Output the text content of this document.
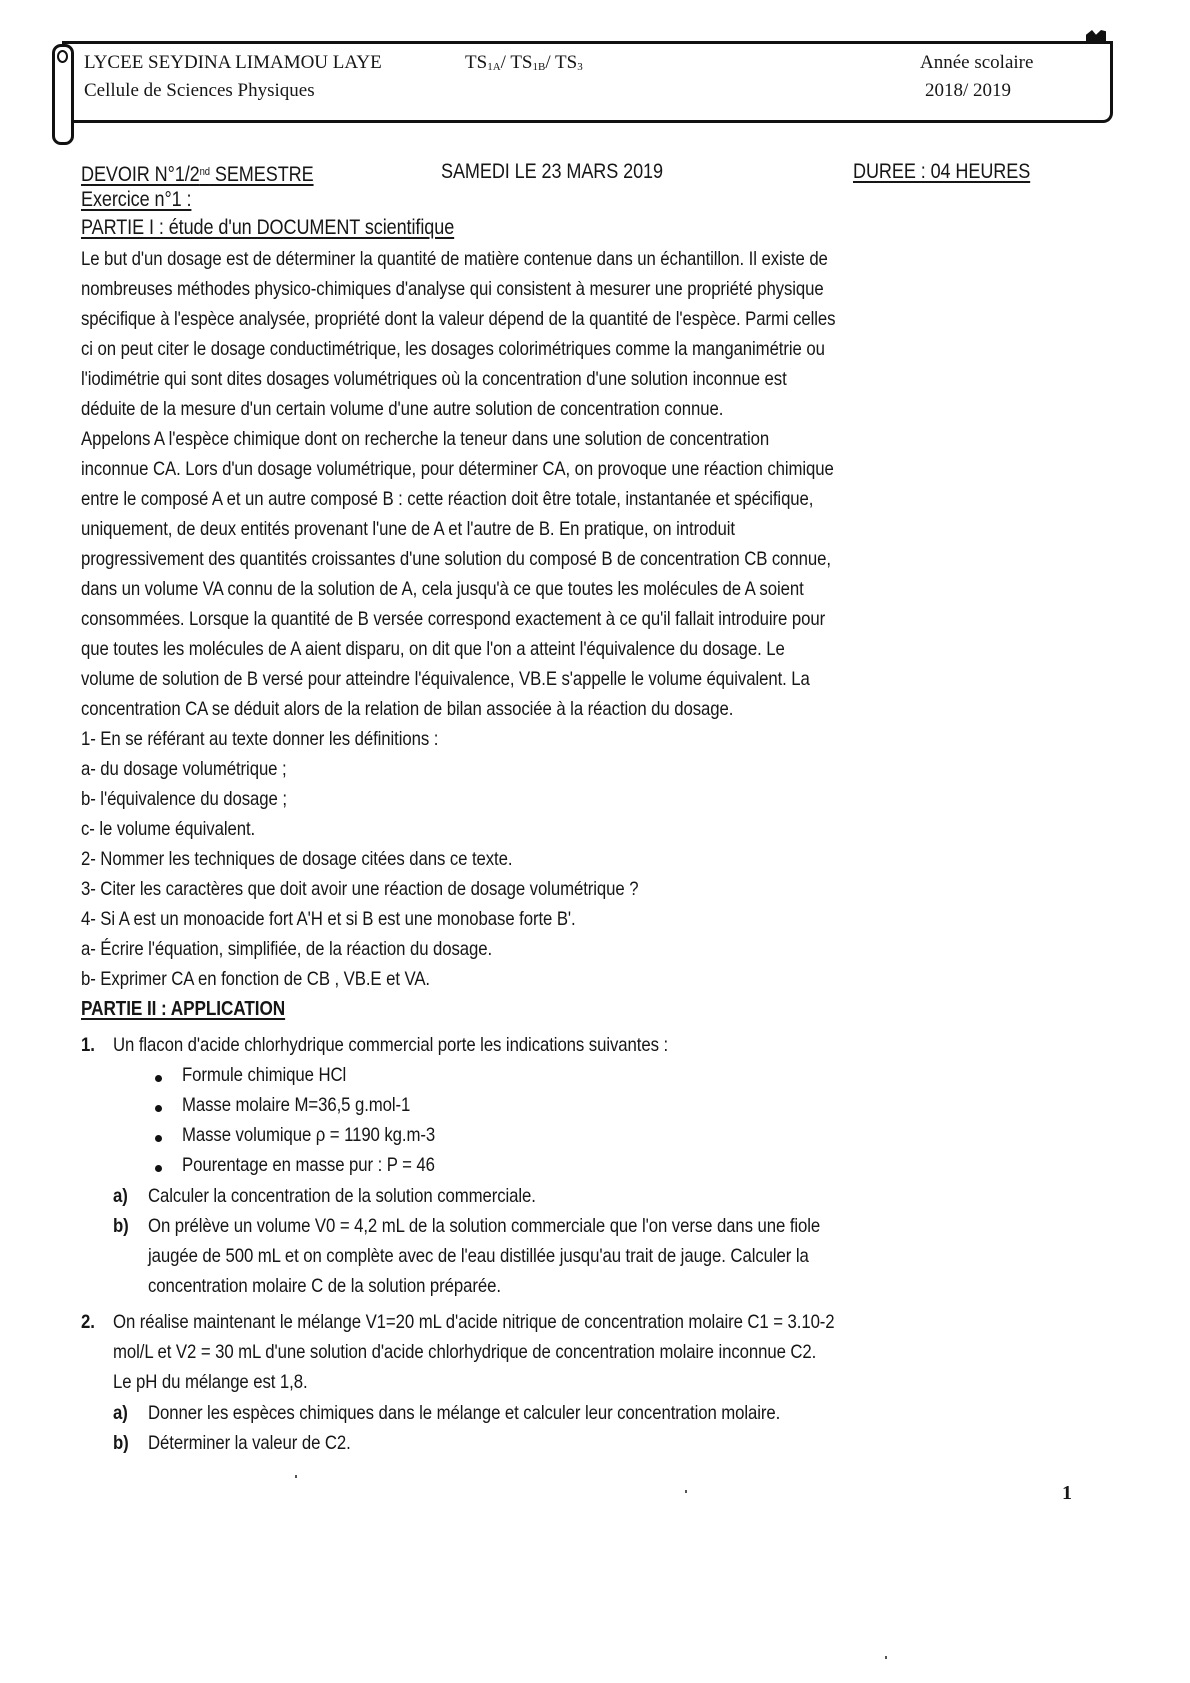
LYCEE SEYDINA LIMAMOU LAYE
Cellule de Sciences Physiques
$TS_{1A}/$ $TS_{1B}/$ $TS_3$	Année scolaire
2018/ 2019
DEVOIR N°1/2nd SEMESTRE	SAMEDI LE 23 MARS 2019	DUREE : 04 HEURES
Exercice n°1 :
PARTIE I : étude d'un DOCUMENT scientifique
Le but d'un dosage est de déterminer la quantité de matière contenue dans un échantillon. Il existe de
nombreuses méthodes physico-chimiques d'analyse qui consistent à mesurer une propriété physique
spécifique à l'espèce analysée, propriété dont la valeur dépend de la quantité de l'espèce. Parmi celles
ci on peut citer le dosage conductimétrique, les dosages colorimétriques comme la manganimétrie ou
l'iodimétrie qui sont dites dosages volumétriques où la concentration d'une solution inconnue est
déduite de la mesure d'un certain volume d'une autre solution de concentration connue.
Appelons A l'espèce chimique dont on recherche la teneur dans une solution de concentration
inconnue CA. Lors d'un dosage volumétrique, pour déterminer CA, on provoque une réaction chimique
entre le composé A et un autre composé B : cette réaction doit être totale, instantanée et spécifique,
uniquement, de deux entités provenant l'une de A et l'autre de B. En pratique, on introduit
progressivement des quantités croissantes d'une solution du composé B de concentration CB connue,
dans un volume VA connu de la solution de A, cela jusqu'à ce que toutes les molécules de A soient
consommées. Lorsque la quantité de B versée correspond exactement à ce qu'il fallait introduire pour
que toutes les molécules de A aient disparu, on dit que l'on a atteint l'équivalence du dosage. Le
volume de solution de B versé pour atteindre l'équivalence, VB.E s'appelle le volume équivalent. La
concentration CA se déduit alors de la relation de bilan associée à la réaction du dosage.
1- En se référant au texte donner les définitions :
a- du dosage volumétrique ;
b- l'équivalence du dosage ;
c- le volume équivalent.
2- Nommer les techniques de dosage citées dans ce texte.
3- Citer les caractères que doit avoir une réaction de dosage volumétrique ?
4- Si A est un monoacide fort A'H et si B est une monobase forte B'.
a- Écrire l'équation, simplifiée, de la réaction du dosage.
b- Exprimer CA en fonction de CB , VB.E et VA.
PARTIE II : APPLICATION
1. Un flacon d'acide chlorhydrique commercial porte les indications suivantes :
Formule chimique HCl
Masse molaire M=36,5 g.mol-1
Masse volumique ρ = 1190 kg.m-3
Pourentage en masse pur : P = 46
a) Calculer la concentration de la solution commerciale.
b) On prélève un volume V0 = 4,2 mL de la solution commerciale que l'on verse dans une fiole
jaugée de 500 mL et on complète avec de l'eau distillée jusqu'au trait de jauge. Calculer la
concentration molaire C de la solution préparée.
2. On réalise maintenant le mélange V1=20 mL d'acide nitrique de concentration molaire C1 = 3.10-2
mol/L et V2 = 30 mL d'une solution d'acide chlorhydrique de concentration molaire inconnue C2.
Le pH du mélange est 1,8.
a) Donner les espèces chimiques dans le mélange et calculer leur concentration molaire.
b) Déterminer la valeur de C2.
1
